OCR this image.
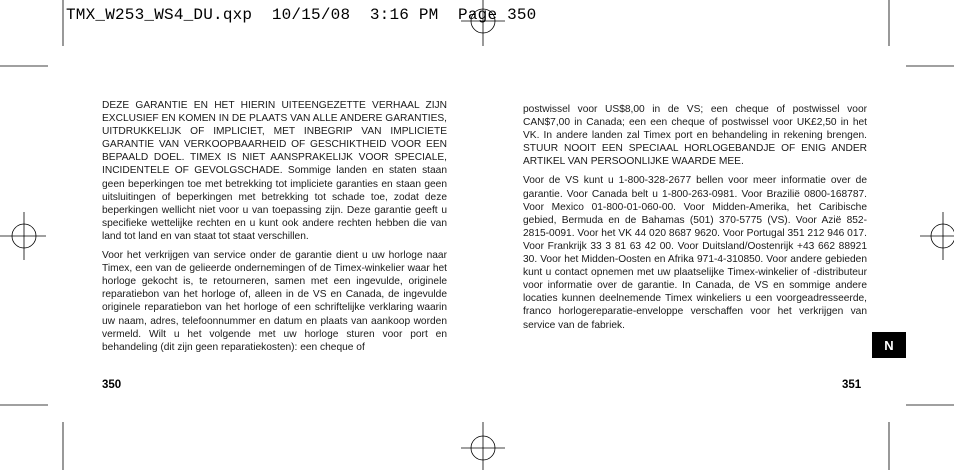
TMX_W253_WS4_DU.qxp  10/15/08  3:16 PM  Page 350

DEZE GARANTIE EN HET HIERIN UITEENGEZETTE VERHAAL ZIJN EXCLUSIEF EN KOMEN IN DE PLAATS VAN ALLE ANDERE GARANTIES, UITDRUKKELIJK OF IMPLICIET, MET INBEGRIP VAN IMPLICIETE GARANTIE VAN VERKOOPBAARHEID OF GESCHIKTHEID VOOR EEN BEPAALD DOEL. TIMEX IS NIET AANSPRAKELIJK VOOR SPECIALE, INCIDENTELE OF GEVOLGSCHADE. Sommige landen en staten staan geen beperkingen toe met betrekking tot impliciete garanties en staan geen uitsluitingen of beperkingen met betrekking tot schade toe, zodat deze beperkingen wellicht niet voor u van toepassing zijn. Deze garantie geeft u specifieke wettelijke rechten en u kunt ook andere rechten hebben die van land tot land en van staat tot staat verschillen.

Voor het verkrijgen van service onder de garantie dient u uw horloge naar Timex, een van de gelieerde ondernemingen of de Timex-winkelier waar het horloge gekocht is, te retourneren, samen met een ingevulde, originele reparatiebon van het horloge of, alleen in de VS en Canada, de ingevulde originele reparatiebon van het horloge of een schriftelijke verklaring waarin uw naam, adres, telefoonnummer en datum en plaats van aankoop worden vermeld. Wilt u het volgende met uw horloge sturen voor port en behandeling (dit zijn geen reparatiekosten): een cheque of

postwissel voor US$8,00 in de VS; een cheque of postwissel voor CAN$7,00 in Canada; een een cheque of postwissel voor UK£2,50 in het VK. In andere landen zal Timex port en behandeling in rekening brengen. STUUR NOOIT EEN SPECIAAL HORLOGEBANDJE OF ENIG ANDER ARTIKEL VAN PERSOONLIJKE WAARDE MEE.

Voor de VS kunt u 1-800-328-2677 bellen voor meer informatie over de garantie. Voor Canada belt u 1-800-263-0981. Voor Brazilië 0800-168787. Voor Mexico 01-800-01-060-00. Voor Midden-Amerika, het Caribische gebied, Bermuda en de Bahamas (501) 370-5775 (VS). Voor Azië 852-2815-0091. Voor het VK 44 020 8687 9620. Voor Portugal 351 212 946 017. Voor Frankrijk 33 3 81 63 42 00. Voor Duitsland/Oostenrijk +43 662 88921 30. Voor het Midden-Oosten en Afrika 971-4-310850. Voor andere gebieden kunt u contact opnemen met uw plaatselijke Timex-winkelier of -distributeur voor informatie over de garantie. In Canada, de VS en sommige andere locaties kunnen deelnemende Timex winkeliers u een voorgeadresseerde, franco horlogereparatie-enveloppe verschaffen voor het verkrijgen van service van de fabriek.

350	351
N
